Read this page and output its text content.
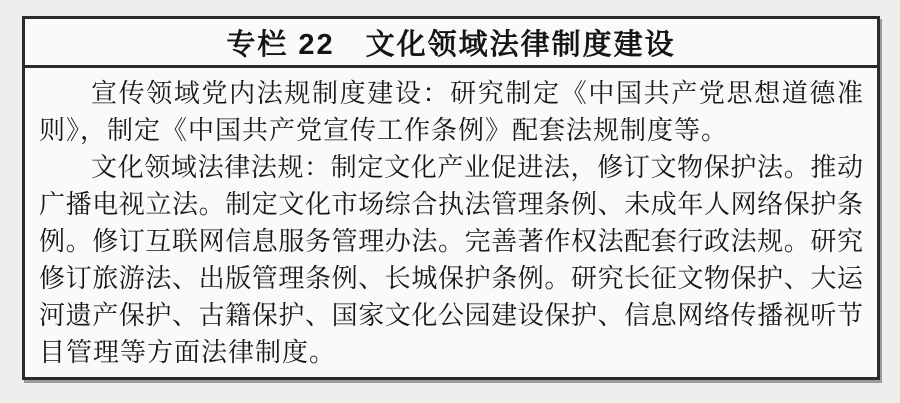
专栏 22　文化领域法律制度建设
宣传领域党内法规制度建设：研究制定《中国共产党思想道德准
则》，制定《中国共产党宣传工作条例》配套法规制度等。
文化领域法律法规：制定文化产业促进法，修订文物保护法。推动
广播电视立法。制定文化市场综合执法管理条例、未成年人网络保护条
例。修订互联网信息服务管理办法。完善著作权法配套行政法规。研究
修订旅游法、出版管理条例、长城保护条例。研究长征文物保护、大运
河遗产保护、古籍保护、国家文化公园建设保护、信息网络传播视听节
目管理等方面法律制度。
